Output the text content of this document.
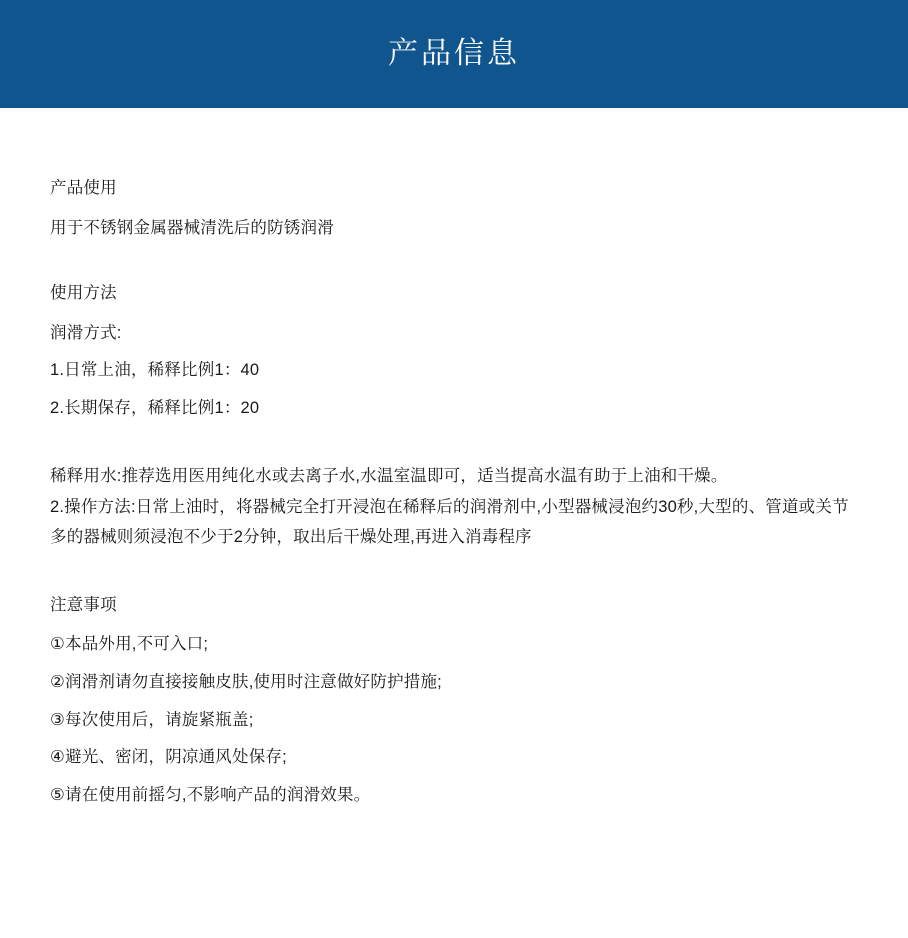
产品信息
产品使用
用于不锈钢金属器械清洗后的防锈润滑
使用方法
润滑方式:
1.日常上油，稀释比例1：40
2.长期保存，稀释比例1：20
稀释用水:推荐选用医用纯化水或去离子水,水温室温即可，适当提高水温有助于上油和干燥。
2.操作方法:日常上油时，将器械完全打开浸泡在稀释后的润滑剂中,小型器械浸泡约30秒,大型的、管道或关节多的器械则须浸泡不少于2分钟，取出后干燥处理,再进入消毒程序
注意事项
①本品外用,不可入口;
②润滑剂请勿直接接触皮肤,使用时注意做好防护措施;
③每次使用后，请旋紧瓶盖;
④避光、密闭，阴凉通风处保存;
⑤请在使用前摇匀,不影响产品的润滑效果。
